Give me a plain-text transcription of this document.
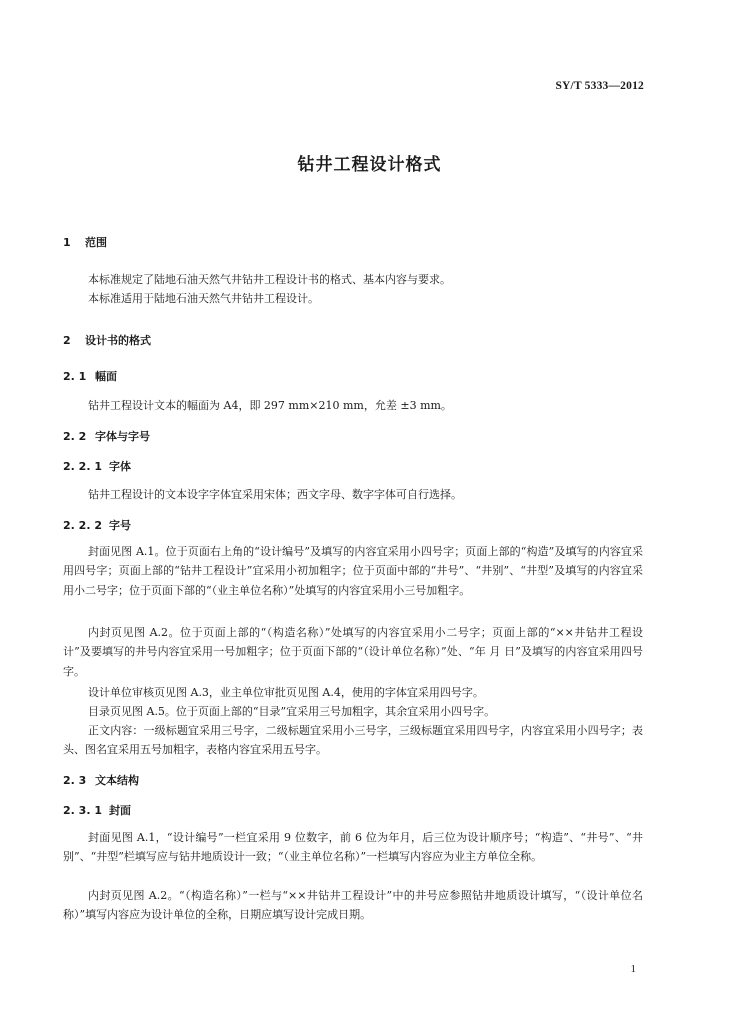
SY/T 5333—2012
钻井工程设计格式
1 范围
本标准规定了陆地石油天然气井钻井工程设计书的格式、基本内容与要求。
本标准适用于陆地石油天然气井钻井工程设计。
2 设计书的格式
2. 1 幅面
钻井工程设计文本的幅面为 A4，即 297 mm×210 mm，允差 ±3 mm。
2. 2 字体与字号
2. 2. 1 字体
钻井工程设计的文本设字字体宜采用宋体；西文字母、数字字体可自行选择。
2. 2. 2 字号
封面见图 A.1。位于页面右上角的“设计编号”及填写的内容宜采用小四号字；页面上部的“构造”及填写的内容宜采用四号字；页面上部的“钻井工程设计”宜采用小初加粗字；位于页面中部的“井号”、“井别”、“井型”及填写的内容宜采用小二号字；位于页面下部的“（业主单位名称）”处填写的内容宜采用小三号加粗字。
内封页见图 A.2。位于页面上部的“（构造名称）”处填写的内容宜采用小二号字；页面上部的“××井钻井工程设计”及要填写的井号内容宜采用一号加粗字；位于页面下部的“（设计单位名称）”处、“年 月 日”及填写的内容宜采用四号字。
设计单位审核页见图 A.3，业主单位审批页见图 A.4，使用的字体宜采用四号字。
目录页见图 A.5。位于页面上部的“目录”宜采用三号加粗字，其余宜采用小四号字。
正文内容：一级标题宜采用三号字，二级标题宜采用小三号字，三级标题宜采用四号字，内容宜采用小四号字；表头、图名宜采用五号加粗字，表格内容宜采用五号字。
2. 3 文本结构
2. 3. 1 封面
封面见图 A.1，“设计编号”一栏宜采用 9 位数字，前 6 位为年月，后三位为设计顺序号；“构造”、“井号”、“井别”、“井型”栏填写应与钻井地质设计一致；“（业主单位名称）”一栏填写内容应为业主方单位全称。
内封页见图 A.2。“（构造名称）”一栏与“××井钻井工程设计”中的井号应参照钻井地质设计填写，“（设计单位名称）”填写内容应为设计单位的全称，日期应填写设计完成日期。
1
